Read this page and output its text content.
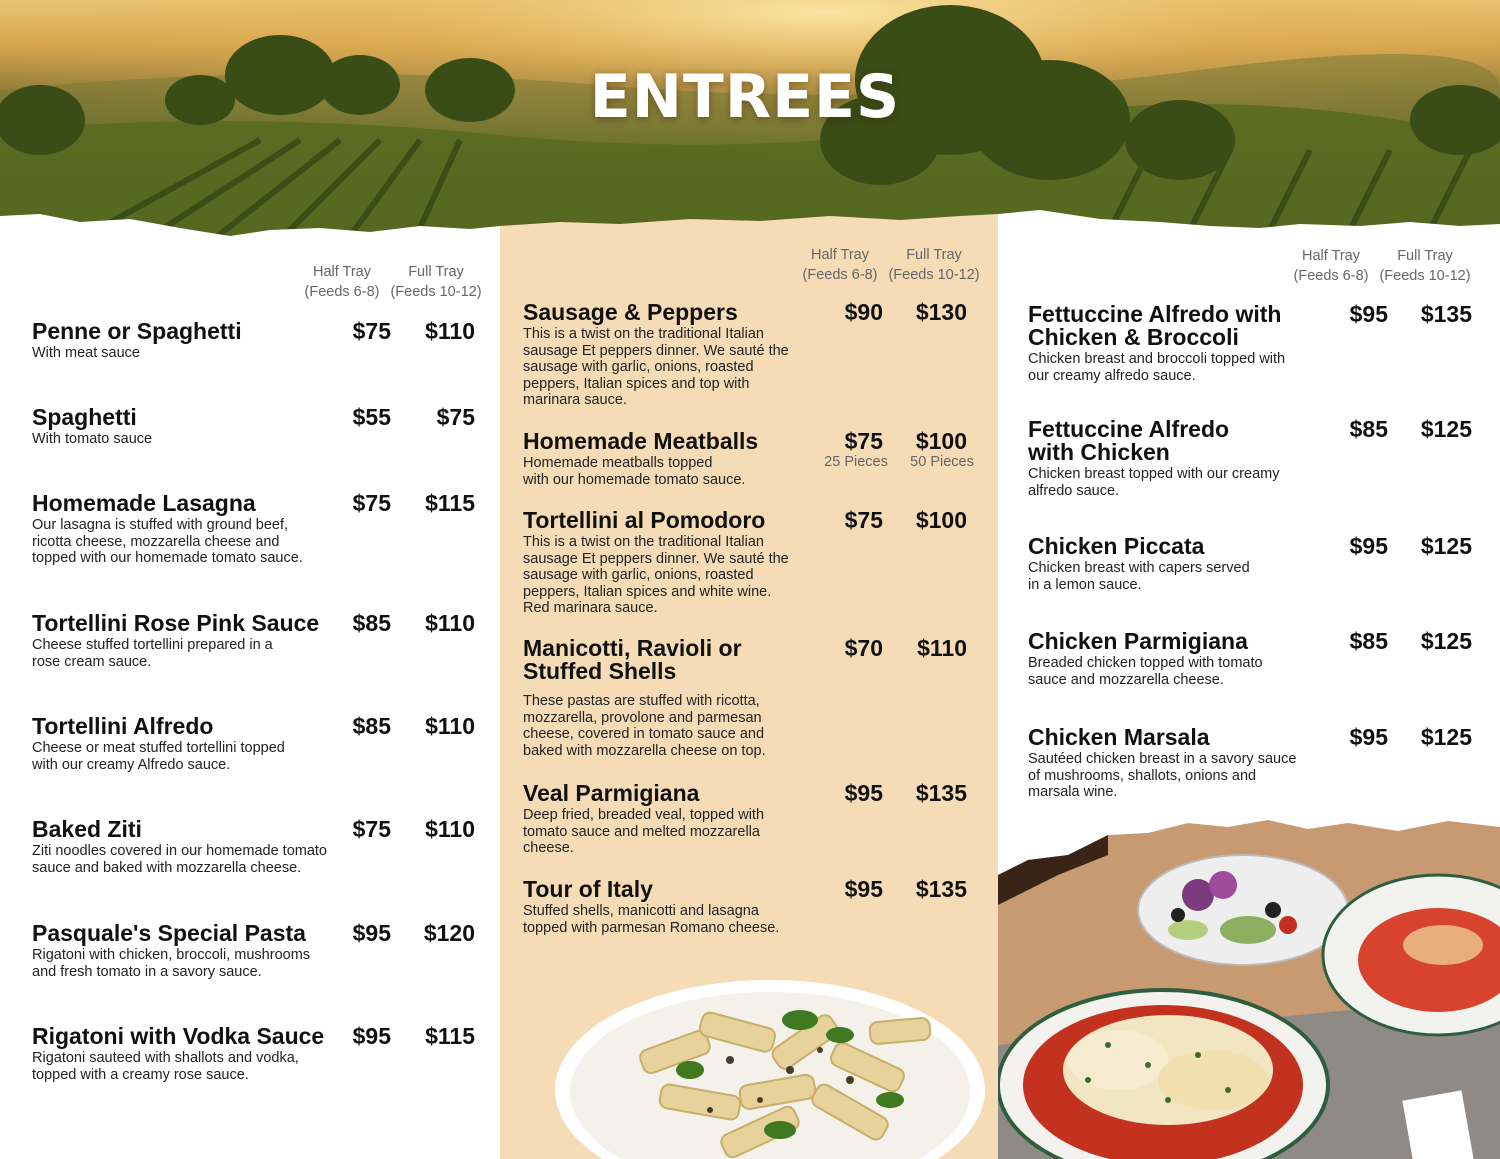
ENTREES
Half Tray
(Feeds 6-8)
Full Tray
(Feeds 10-12)
Half Tray
(Feeds 6-8)
Full Tray
(Feeds 10-12)
Half Tray
(Feeds 6-8)
Full Tray
(Feeds 10-12)
Penne or Spaghetti
With meat sauce
$75	$110
Spaghetti
With tomato sauce
$55	$75
Homemade Lasagna
Our lasagna is stuffed with ground beef,
ricotta cheese, mozzarella cheese and
topped with our homemade tomato sauce.
$75	$115
Tortellini Rose Pink Sauce
Cheese stuffed tortellini prepared in a
rose cream sauce.
$85	$110
Tortellini Alfredo
Cheese or meat stuffed tortellini topped
with our creamy Alfredo sauce.
$85	$110
Baked Ziti
Ziti noodles covered in our homemade tomato
sauce and baked with mozzarella cheese.
$75	$110
Pasquale's Special Pasta
Rigatoni with chicken, broccoli, mushrooms
and fresh tomato in a savory sauce.
$95	$120
Rigatoni with Vodka Sauce
Rigatoni sauteed with shallots and vodka,
topped with a creamy rose sauce.
$95	$115
Sausage & Peppers
This is a twist on the traditional Italian
sausage Et peppers dinner. We sauté the
sausage with garlic, onions, roasted
peppers, Italian spices and top with
marinara sauce.
$90	$130
Homemade Meatballs
Homemade meatballs topped
with our homemade tomato sauce.
$75	$100
25 Pieces	50 Pieces
Tortellini al Pomodoro
This is a twist on the traditional Italian
sausage Et peppers dinner. We sauté the
sausage with garlic, onions, roasted
peppers, Italian spices and white wine.
Red marinara sauce.
$75	$100
Manicotti, Ravioli or
Stuffed Shells
These pastas are stuffed with ricotta,
mozzarella, provolone and parmesan
cheese, covered in tomato sauce and
baked with mozzarella cheese on top.
$70	$110
Veal Parmigiana
Deep fried, breaded veal, topped with
tomato sauce and melted mozzarella
cheese.
$95	$135
Tour of Italy
Stuffed shells, manicotti and lasagna
topped with parmesan Romano cheese.
$95	$135
Fettuccine Alfredo with
Chicken & Broccoli
Chicken breast and broccoli topped with
our creamy alfredo sauce.
$95	$135
Fettuccine Alfredo
with Chicken
Chicken breast topped with our creamy
alfredo sauce.
$85	$125
Chicken Piccata
Chicken breast with capers served
in a lemon sauce.
$95	$125
Chicken Parmigiana
Breaded chicken topped with tomato
sauce and mozzarella cheese.
$85	$125
Chicken Marsala
Sautéed chicken breast in a savory sauce
of mushrooms, shallots, onions and
marsala wine.
$95	$125
